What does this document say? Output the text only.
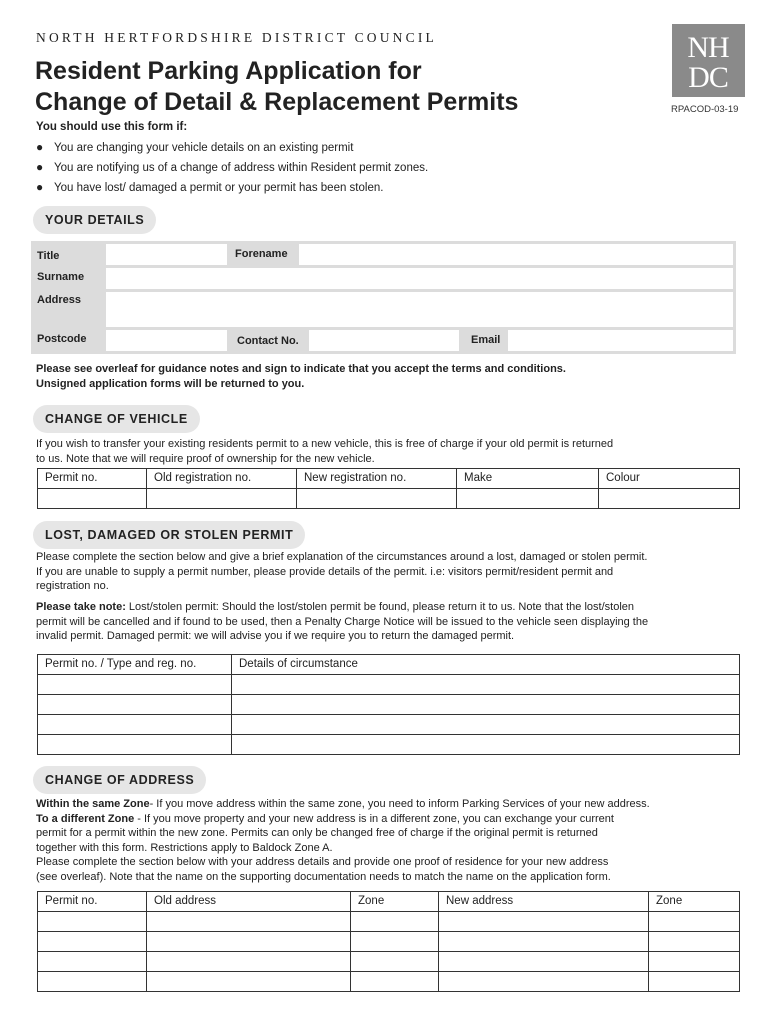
NORTH HERTFORDSHIRE DISTRICT COUNCIL
Resident Parking Application for
Change of Detail & Replacement Permits
NH
DC
RPACOD-03-19
You should use this form if:
● You are changing your vehicle details on an existing permit
● You are notifying us of a change of address within Resident permit zones.
● You have lost/ damaged a permit or your permit has been stolen.
YOUR DETAILS
Title	Forename
Surname
Address
Postcode	Contact No.	Email
Please see overleaf for guidance notes and sign to indicate that you accept the terms and conditions.
Unsigned application forms will be returned to you.
CHANGE OF VEHICLE
If you wish to transfer your existing residents permit to a new vehicle, this is free of charge if your old permit is returned
to us. Note that we will require proof of ownership for the new vehicle.
Permit no.	Old registration no.	New registration no.	Make	Colour

LOST, DAMAGED OR STOLEN PERMIT
Please complete the section below and give a brief explanation of the circumstances around a lost, damaged or stolen permit.
If you are unable to supply a permit number, please provide details of the permit. i.e: visitors permit/resident permit and
registration no.
Please take note: Lost/stolen permit: Should the lost/stolen permit be found, please return it to us. Note that the lost/stolen
permit will be cancelled and if found to be used, then a Penalty Charge Notice will be issued to the vehicle seen displaying the
invalid permit. Damaged permit: we will advise you if we require you to return the damaged permit.
Permit no. / Type and reg. no.	Details of circumstance

CHANGE OF ADDRESS
Within the same Zone- If you move address within the same zone, you need to inform Parking Services of your new address.
To a different Zone - If you move property and your new address is in a different zone, you can exchange your current
permit for a permit within the new zone. Permits can only be changed free of charge if the original permit is returned
together with this form. Restrictions apply to Baldock Zone A.
Please complete the section below with your address details and provide one proof of residence for your new address
(see overleaf). Note that the name on the supporting documentation needs to match the name on the application form.
Permit no.	Old address	Zone	New address	Zone
